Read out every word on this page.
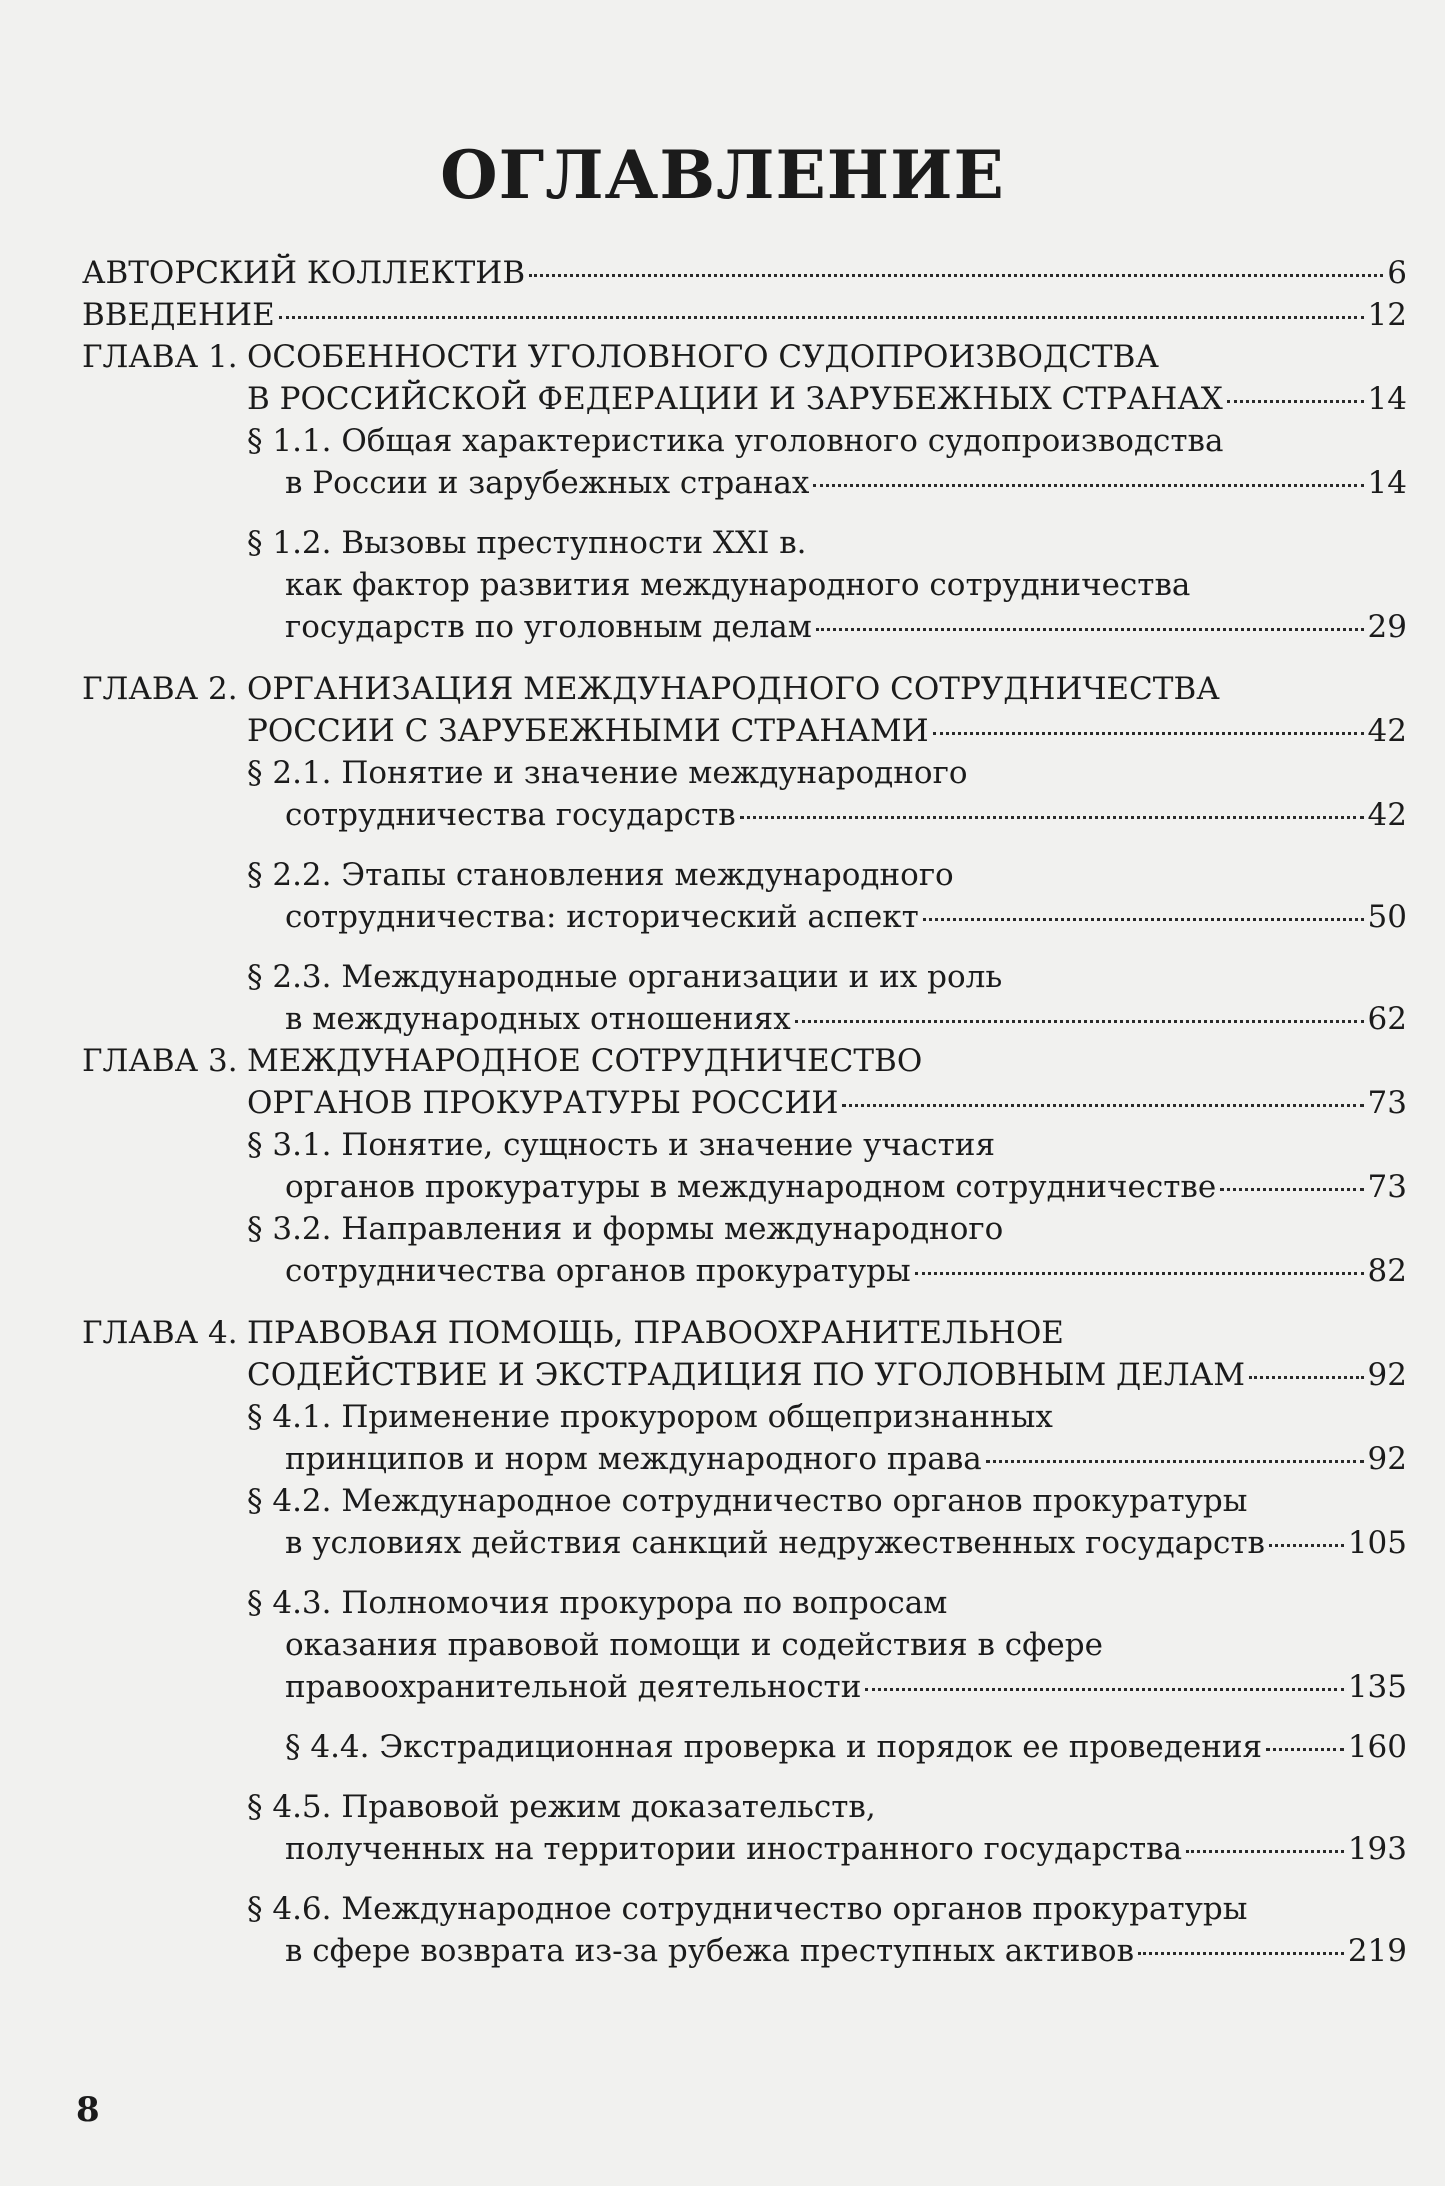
ОГЛАВЛЕНИЕ
АВТОРСКИЙ КОЛЛЕКТИВ	6
ВВЕДЕНИЕ	12
ГЛАВА 1. ОСОБЕННОСТИ УГОЛОВНОГО СУДОПРОИЗВОДСТВА
В РОССИЙСКОЙ ФЕДЕРАЦИИ И ЗАРУБЕЖНЫХ СТРАНАХ	14
§ 1.1. Общая характеристика уголовного судопроизводства
в России и зарубежных странах	14
§ 1.2. Вызовы преступности XXI в.
как фактор развития международного сотрудничества
государств по уголовным делам	29
ГЛАВА 2. ОРГАНИЗАЦИЯ МЕЖДУНАРОДНОГО СОТРУДНИЧЕСТВА
РОССИИ С ЗАРУБЕЖНЫМИ СТРАНАМИ	42
§ 2.1. Понятие и значение международного
сотрудничества государств	42
§ 2.2. Этапы становления международного
сотрудничества: исторический аспект	50
§ 2.3. Международные организации и их роль
в международных отношениях	62
ГЛАВА 3. МЕЖДУНАРОДНОЕ СОТРУДНИЧЕСТВО
ОРГАНОВ ПРОКУРАТУРЫ РОССИИ	73
§ 3.1. Понятие, сущность и значение участия
органов прокуратуры в международном сотрудничестве	73
§ 3.2. Направления и формы международного
сотрудничества органов прокуратуры	82
ГЛАВА 4. ПРАВОВАЯ ПОМОЩЬ, ПРАВООХРАНИТЕЛЬНОЕ
СОДЕЙСТВИЕ И ЭКСТРАДИЦИЯ ПО УГОЛОВНЫМ ДЕЛАМ	92
§ 4.1. Применение прокурором общепризнанных
принципов и норм международного права	92
§ 4.2. Международное сотрудничество органов прокуратуры
в условиях действия санкций недружественных государств	105
§ 4.3. Полномочия прокурора по вопросам
оказания правовой помощи и содействия в сфере
правоохранительной деятельности	135
§ 4.4. Экстрадиционная проверка и порядок ее проведения	160
§ 4.5. Правовой режим доказательств,
полученных на территории иностранного государства	193
§ 4.6. Международное сотрудничество органов прокуратуры
в сфере возврата из-за рубежа преступных активов	219
8
